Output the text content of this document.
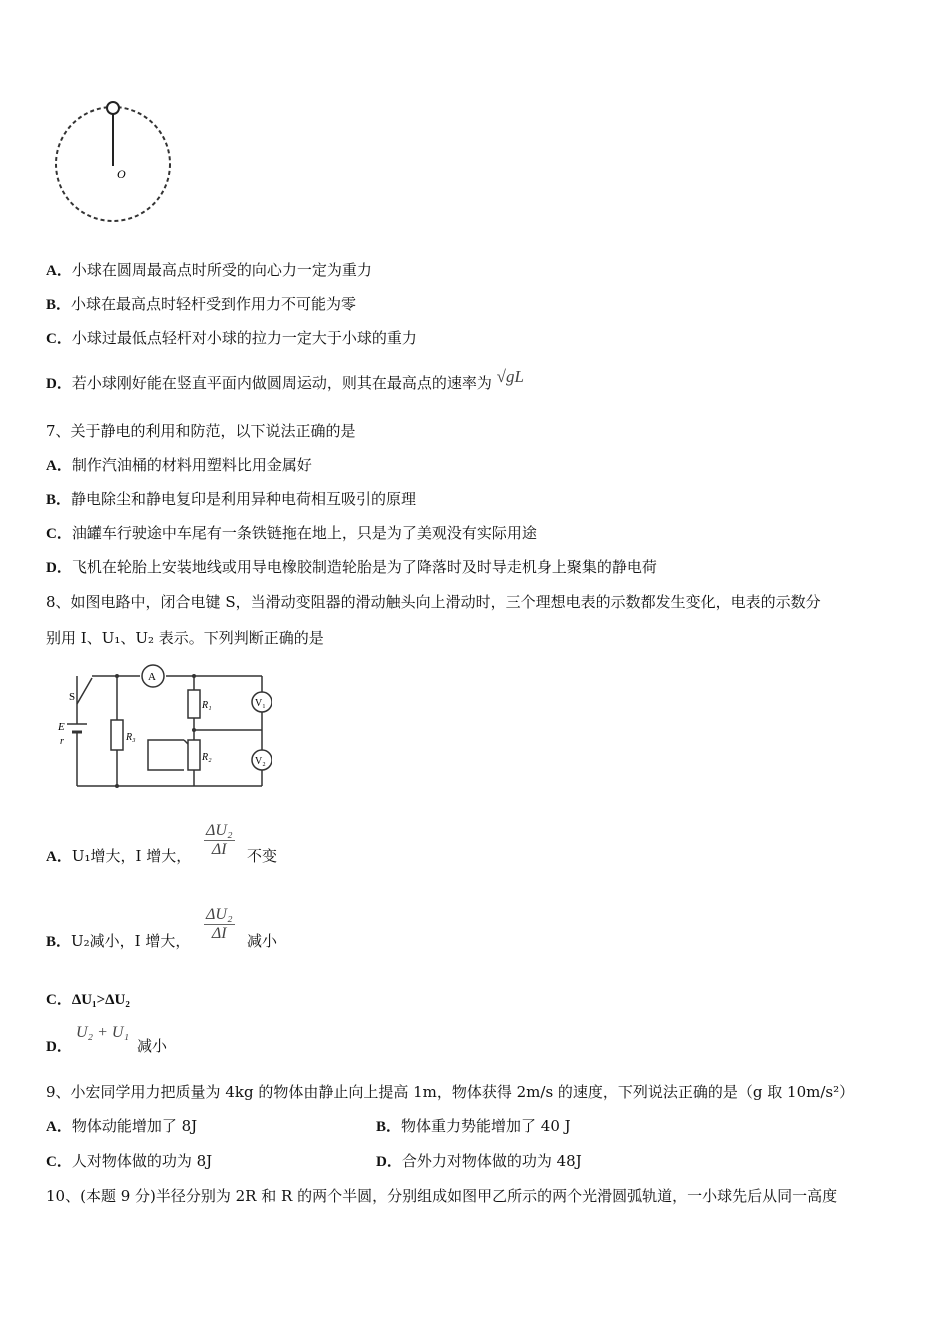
O
A．小球在圆周最高点时所受的向心力一定为重力
B．小球在最高点时轻杆受到作用力不可能为零
C．小球过最低点轻杆对小球的拉力一定大于小球的重力
D．若小球刚好能在竖直平面内做圆周运动，则其在最高点的速率为 √gL
7、关于静电的利用和防范，以下说法正确的是
A．制作汽油桶的材料用塑料比用金属好
B．静电除尘和静电复印是利用异种电荷相互吸引的原理
C．油罐车行驶途中车尾有一条铁链拖在地上，只是为了美观没有实际用途
D．飞机在轮胎上安装地线或用导电橡胶制造轮胎是为了降落时及时导走机身上聚集的静电荷
8、如图电路中，闭合电键 S，当滑动变阻器的滑动触头向上滑动时，三个理想电表的示数都发生变化，电表的示数分
别用 I、U₁、U₂ 表示。下列判断正确的是
A
V₁
V₂
S
E
r	R₃
R₁
R₂
A．U₁增大，I 增大， $\frac{\text{ΔU₂}}{\Delta I}$ 不变
B．U₂减小，I 增大， $\frac{\text{ΔU₂}}{\Delta I}$ 减小
C．ΔU₁>ΔU₂
D．
U₂ + U₁
减小
9、小宏同学用力把质量为 4kg 的物体由静止向上提高 1m，物体获得 2m/s 的速度，下列说法正确的是（g 取 10m/s²）
A．物体动能增加了 8J	B．物体重力势能增加了 40 J
C．人对物体做的功为 8J	D．合外力对物体做的功为 48J
10、(本题 9 分)半径分别为 2R 和 R 的两个半圆，分别组成如图甲乙所示的两个光滑圆弧轨道，一小球先后从同一高度
